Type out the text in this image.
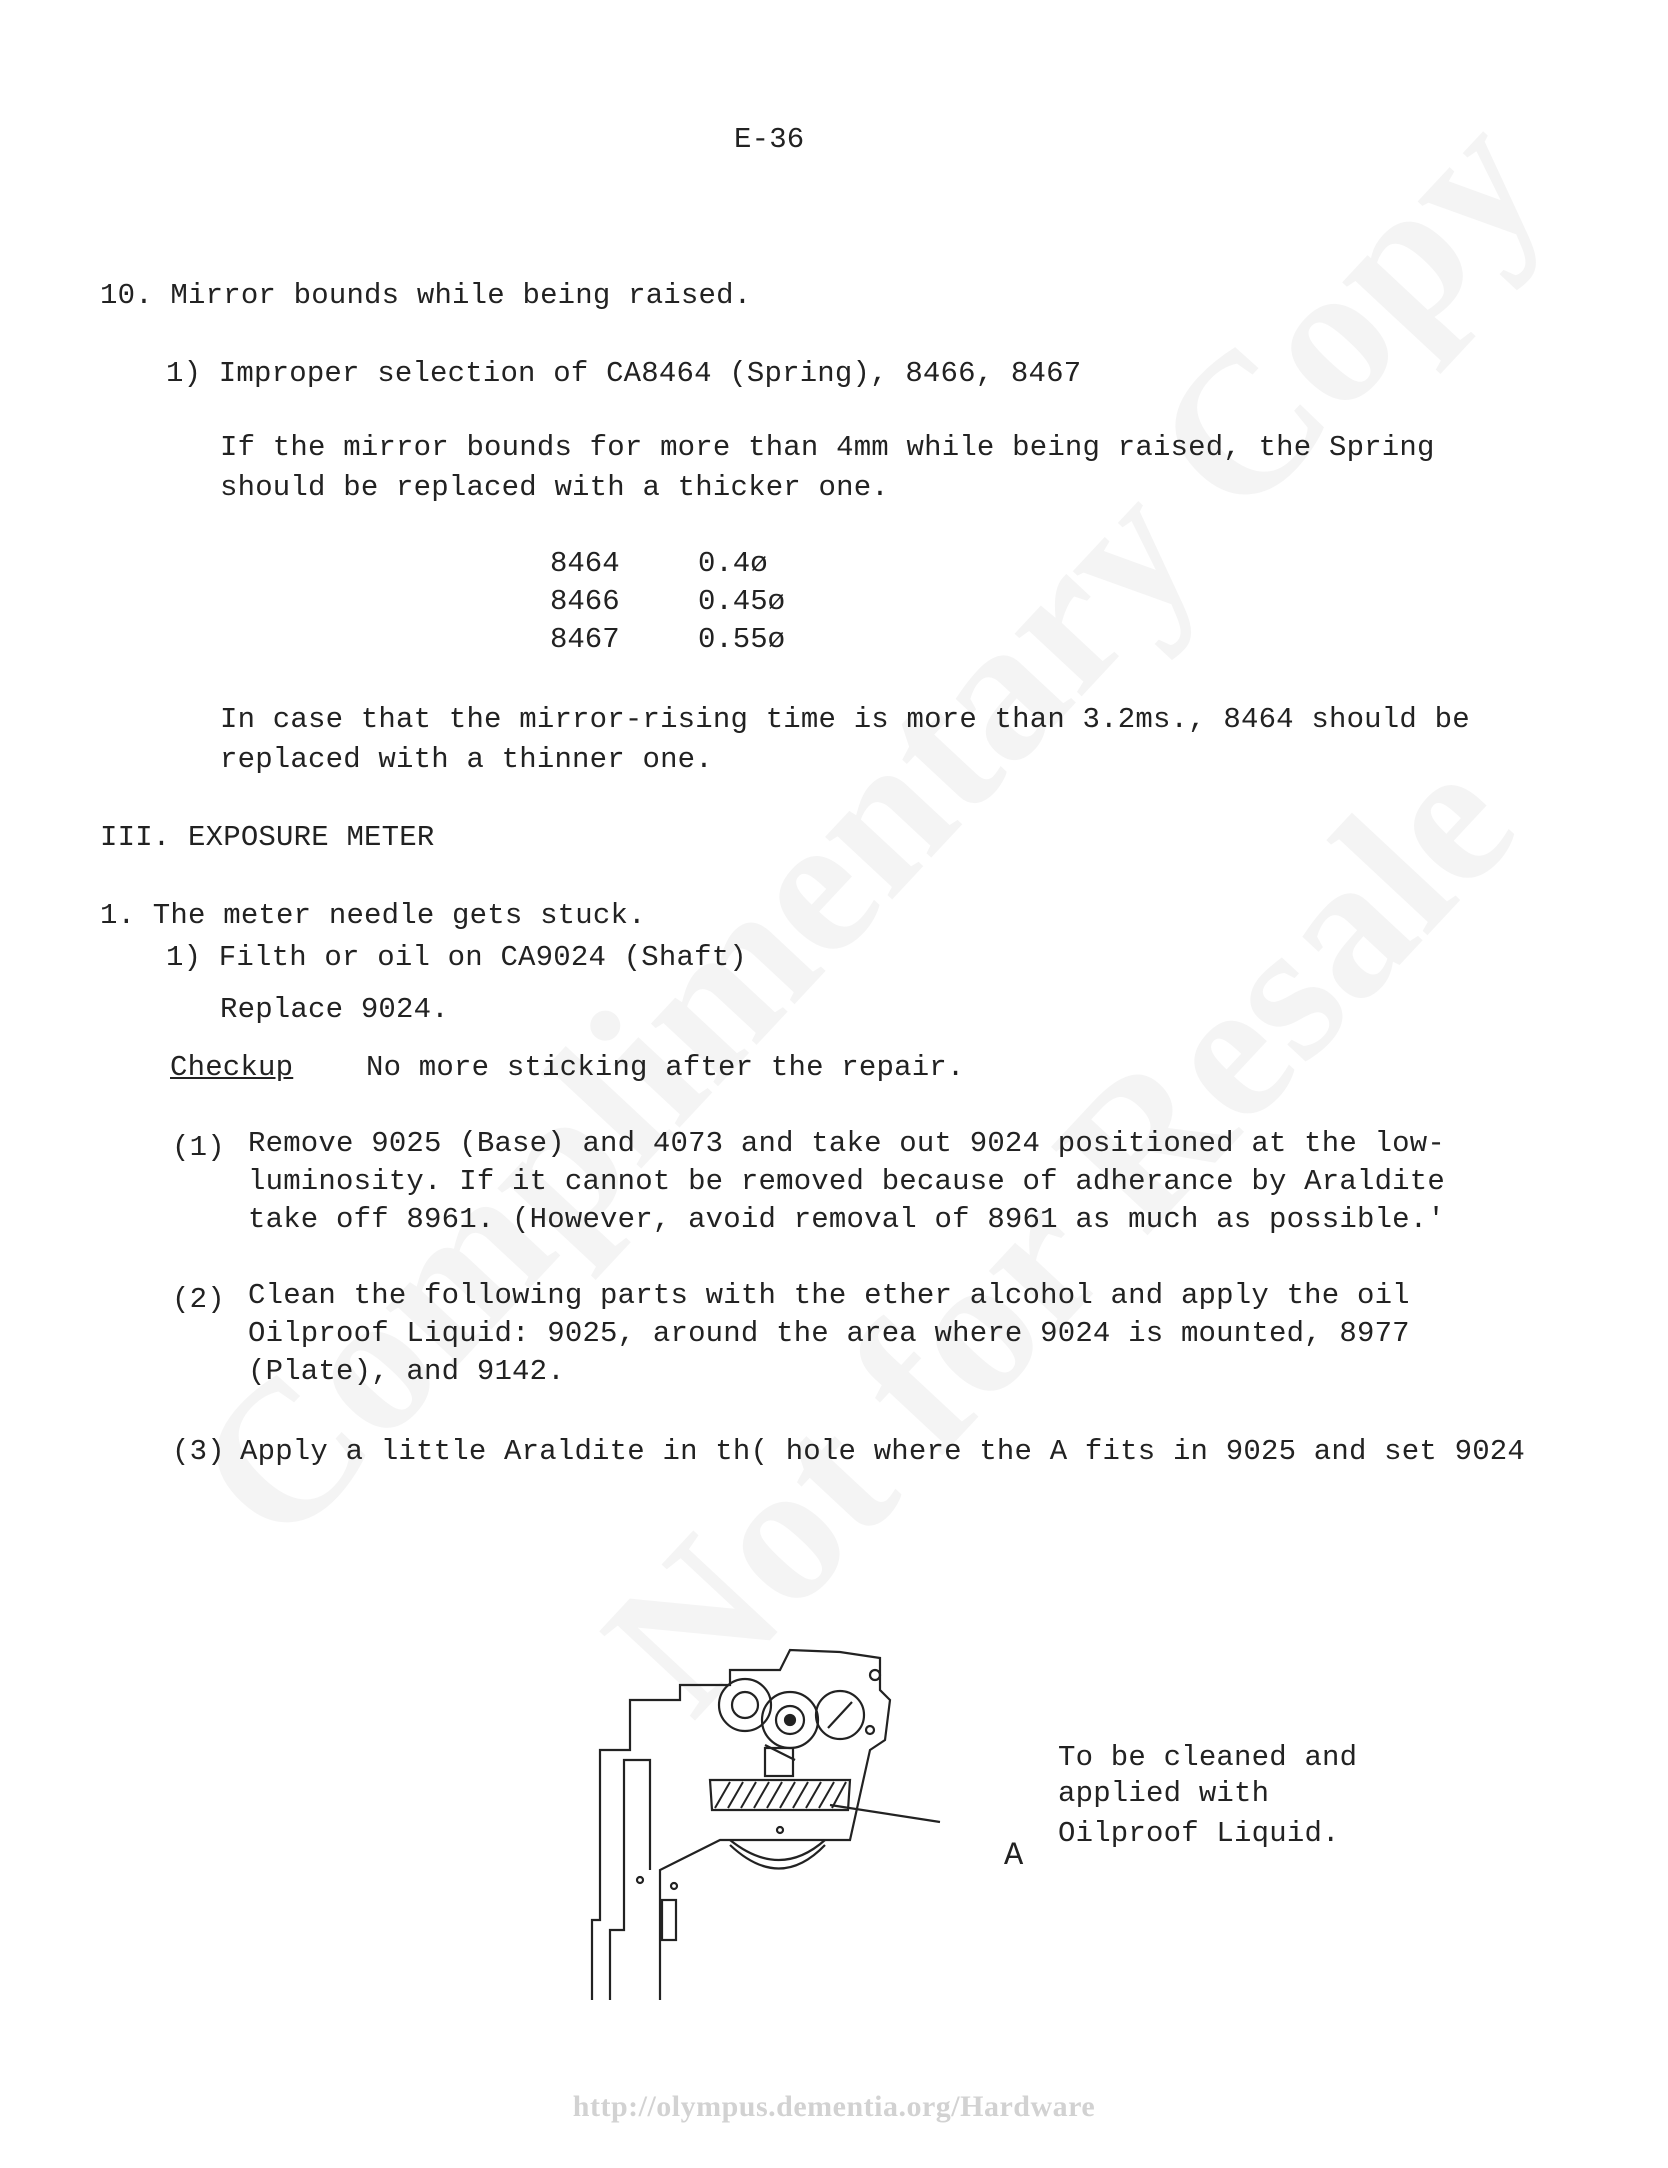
E-36
10. Mirror bounds while being raised.
1) Improper selection of CA8464 (Spring), 8466, 8467
If the mirror bounds for more than 4mm while being raised, the Spring
should be replaced with a thicker one.
8464	0.4ø
8466	0.45ø
8467	0.55ø
In case that the mirror-rising time is more than 3.2ms., 8464 should be
replaced with a thinner one.
III. EXPOSURE METER
1. The meter needle gets stuck.
1) Filth or oil on CA9024 (Shaft)
Replace 9024.
Checkup	No more sticking after the repair.
(1) Remove 9025 (Base) and 4073 and take out 9024 positioned at the low-
luminosity. If it cannot be removed because of adherance by Araldite
take off 8961. (However, avoid removal of 8961 as much as possible.'
(2) Clean the following parts with the ether alcohol and apply the oil
Oilproof Liquid: 9025, around the area where 9024 is mounted, 8977
(Plate), and 9142.
(3) Apply a little Araldite in th( hole where the A fits in 9025 and set 9024
A
To be cleaned and
applied with
Oilproof Liquid.
http://olympus.dementia.org/Hardware
